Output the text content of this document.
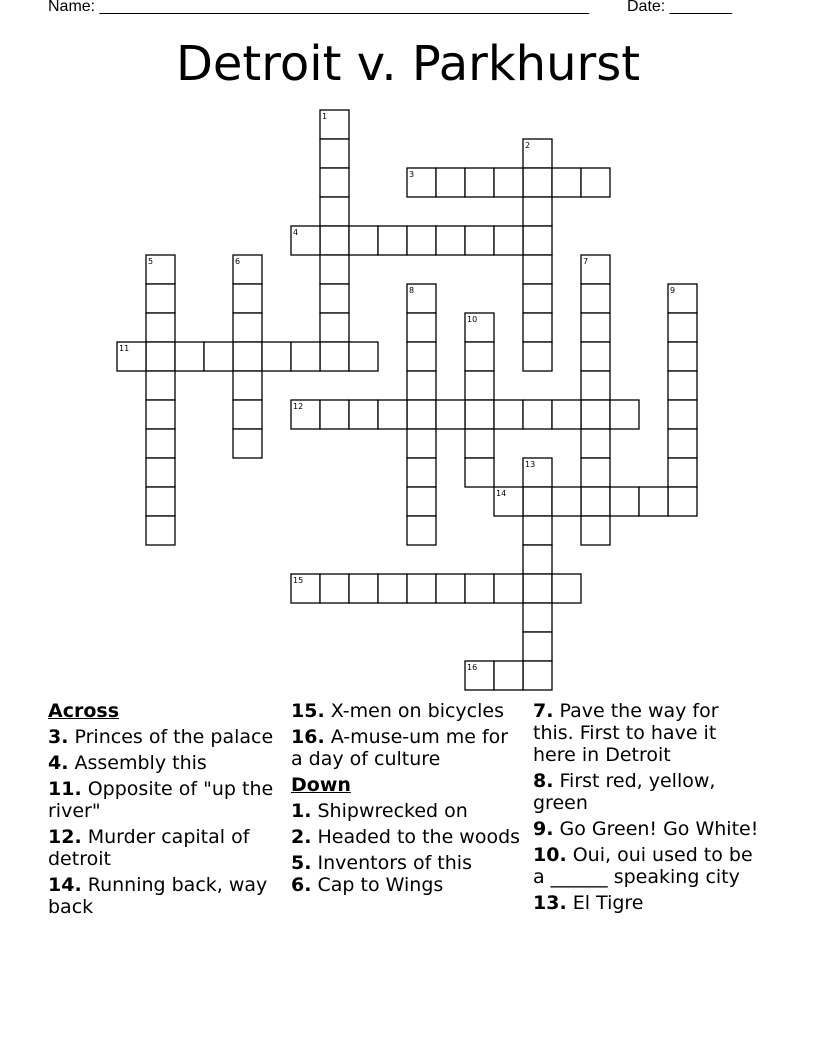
Name: _______________________________________________________ Date: _______
Detroit v. Parkhurst
1
2
3
4
5	6	7
8	9
10
11
12
13
14
15
16
Across
3. Princes of the palace
4. Assembly this
11. Opposite of "up the river"
12. Murder capital of detroit
14. Running back, way back
15. X-men on bicycles
16. A-muse-um me for a day of culture
Down
1. Shipwrecked on
2. Headed to the woods
5. Inventors of this
6. Cap to Wings
7. Pave the way for this. First to have it here in Detroit
8. First red, yellow, green
9. Go Green! Go White!
10. Oui, oui used to be a ______ speaking city
13. El Tigre
